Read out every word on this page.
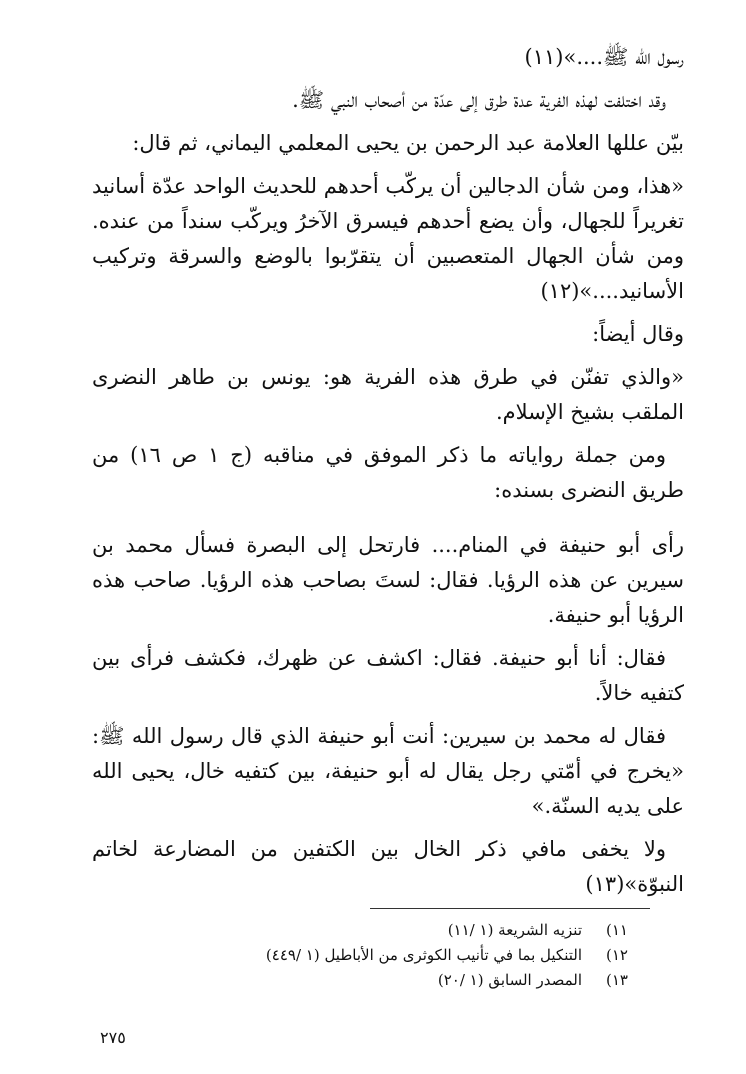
رسول الله ﷺ....»(١١)

وقد اختلفت لهذه الفرية عدة طرق إلى عدّة من أصحاب النبي ﷺ.

بيّن عللها العلامة عبد الرحمن بن يحيى المعلمي اليماني، ثم قال:

«هذا، ومن شأن الدجالين أن يركّب أحدهم للحديث الواحد عدّة أسانيد تغريراً للجهال، وأن يضع أحدهم فيسرق الآخرُ ويركّب سنداً من عنده. ومن شأن الجهال المتعصبين أن يتقرّبوا بالوضع والسرقة وتركيب الأسانيد....»(١٢)

وقال أيضاً:

«والذي تفنّن في طرق هذه الفرية هو: يونس بن طاهر النضرى الملقب بشيخ الإسلام.

ومن جملة رواياته ما ذكر الموفق في مناقبه (ج ١ ص ١٦) من طريق النضرى بسنده:

رأى أبو حنيفة في المنام.... فارتحل إلى البصرة فسأل محمد بن سيرين عن هذه الرؤيا. فقال: لستَ بصاحب هذه الرؤيا. صاحب هذه الرؤيا أبو حنيفة.

فقال: أنا أبو حنيفة. فقال: اكشف عن ظهرك، فكشف فرأى بين كتفيه خالاً.

فقال له محمد بن سيرين: أنت أبو حنيفة الذي قال رسول الله ﷺ: «يخرج في أمّتي رجل يقال له أبو حنيفة، بين كتفيه خال، يحيى الله على يديه السنّة.»

ولا يخفى مافي ذكر الخال بين الكتفين من المضارعة لخاتم النبوّة»(١٣)

١١)
تنزيه الشريعة (١ /١١)
١٢)
التنكيل بما في تأنيب الكوثرى من الأباطيل (١ /٤٤٩)
١٣)
المصدر السابق (١ /٢٠)
٢٧٥
